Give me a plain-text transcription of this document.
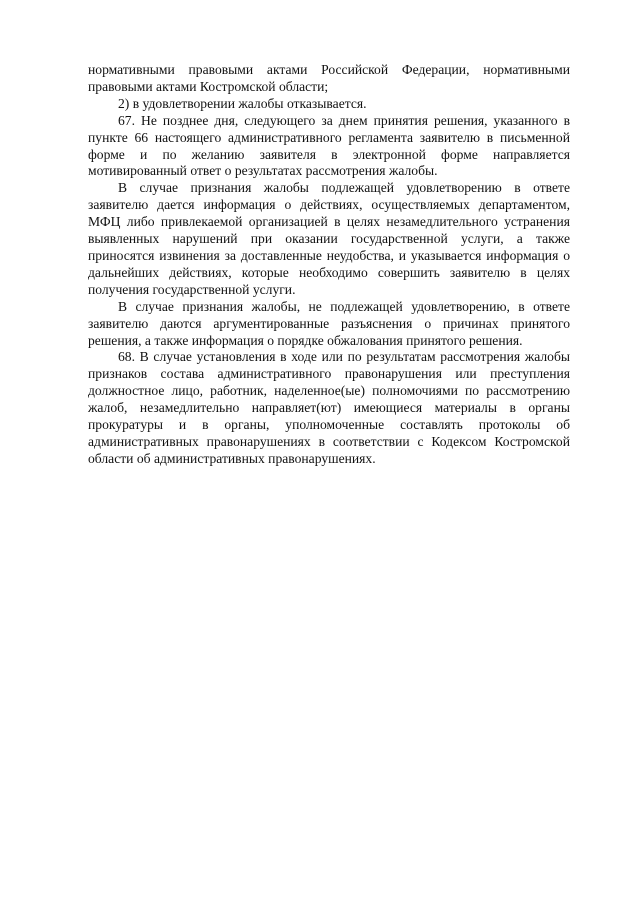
нормативными правовыми актами Российской Федерации, нормативными правовыми актами Костромской области;

2) в удовлетворении жалобы отказывается.

67. Не позднее дня, следующего за днем принятия решения, указанного в пункте 66 настоящего административного регламента заявителю в письменной форме и по желанию заявителя в электронной форме направляется мотивированный ответ о результатах рассмотрения жалобы.

В случае признания жалобы подлежащей удовлетворению в ответе заявителю дается информация о действиях, осуществляемых департаментом, МФЦ либо привлекаемой организацией в целях незамедлительного устранения выявленных нарушений при оказании государственной услуги, а также приносятся извинения за доставленные неудобства, и указывается информация о дальнейших действиях, которые необходимо совершить заявителю в целях получения государственной услуги.

В случае признания жалобы, не подлежащей удовлетворению, в ответе заявителю даются аргументированные разъяснения о причинах принятого решения, а также информация о порядке обжалования принятого решения.

68. В случае установления в ходе или по результатам рассмотрения жалобы признаков состава административного правонарушения или преступления должностное лицо, работник, наделенное(ые) полномочиями по рассмотрению жалоб, незамедлительно направляет(ют) имеющиеся материалы в органы прокуратуры и в органы, уполномоченные составлять протоколы об административных правонарушениях в соответствии с Кодексом Костромской области об административных правонарушениях.
